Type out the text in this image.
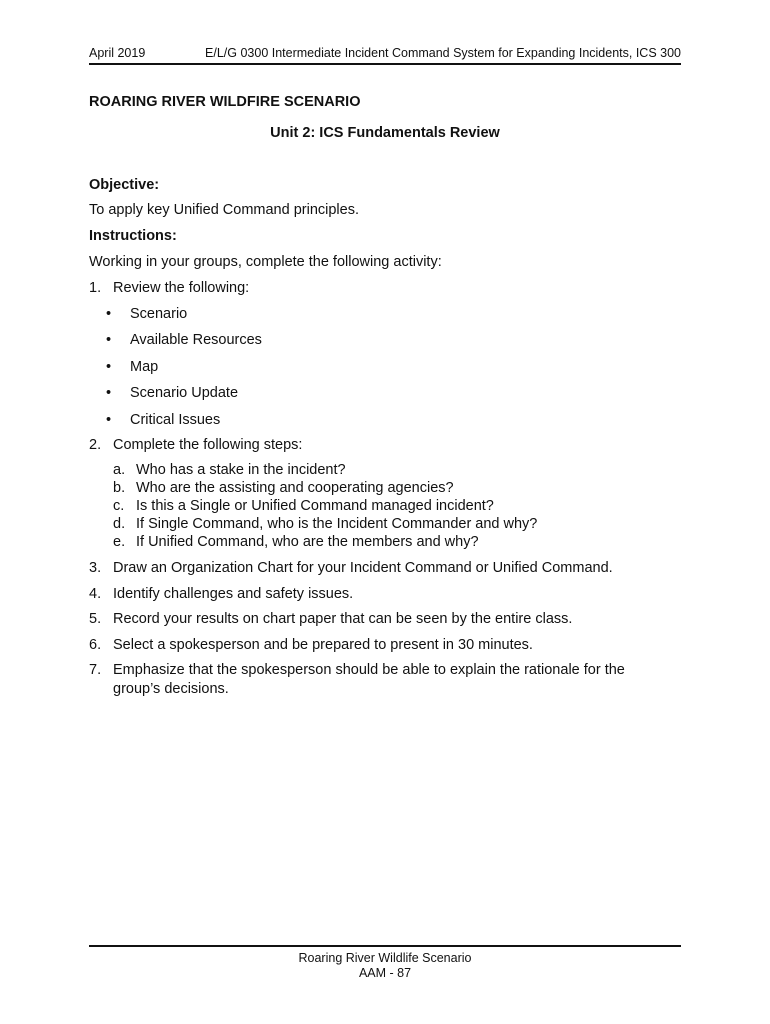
April 2019	E/L/G 0300 Intermediate Incident Command System for Expanding Incidents, ICS 300
ROARING RIVER WILDFIRE SCENARIO
Unit 2: ICS Fundamentals Review
Objective:
To apply key Unified Command principles.
Instructions:
Working in your groups, complete the following activity:
1. Review the following:
• Scenario
• Available Resources
• Map
• Scenario Update
• Critical Issues
2. Complete the following steps:
a. Who has a stake in the incident?
b. Who are the assisting and cooperating agencies?
c. Is this a Single or Unified Command managed incident?
d. If Single Command, who is the Incident Commander and why?
e. If Unified Command, who are the members and why?
3. Draw an Organization Chart for your Incident Command or Unified Command.
4. Identify challenges and safety issues.
5. Record your results on chart paper that can be seen by the entire class.
6. Select a spokesperson and be prepared to present in 30 minutes.
7. Emphasize that the spokesperson should be able to explain the rationale for the
group’s decisions.
Roaring River Wildlife Scenario
AAM - 87
